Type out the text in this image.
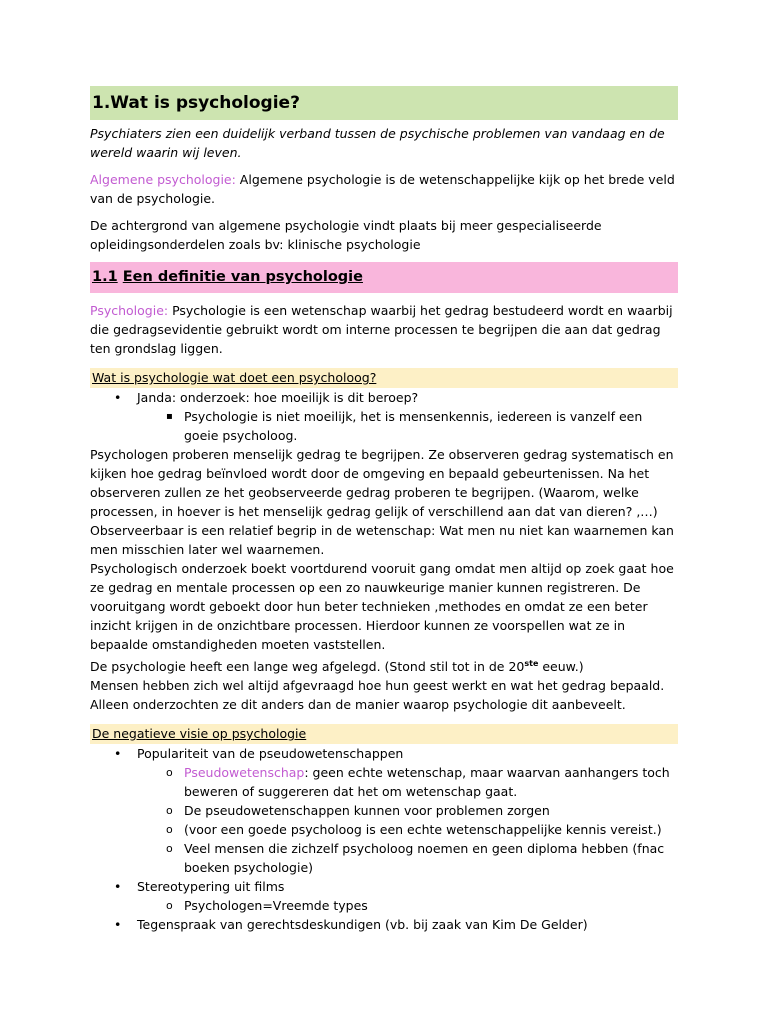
1.Wat is psychologie?

Psychiaters zien een duidelijk verband tussen de psychische problemen van vandaag en de wereld waarin wij leven.

Algemene psychologie: Algemene psychologie is de wetenschappelijke kijk op het brede veld van de psychologie.

De achtergrond van algemene psychologie vindt plaats bij meer gespecialiseerde opleidingsonderdelen zoals bv: klinische psychologie

1.1 Een definitie van psychologie

Psychologie: Psychologie is een wetenschap waarbij het gedrag bestudeerd wordt en waarbij die gedragsevidentie gebruikt wordt om interne processen te begrijpen die aan dat gedrag ten grondslag liggen.

Wat is psychologie wat doet een psycholoog?
• Janda: onderzoek: hoe moeilijk is dit beroep?
▪ Psychologie is niet moeilijk, het is mensenkennis, iedereen is vanzelf een goeie psycholoog.

Psychologen proberen menselijk gedrag te begrijpen. Ze observeren gedrag systematisch en kijken hoe gedrag beïnvloed wordt door de omgeving en bepaald gebeurtenissen. Na het observeren zullen ze het geobserveerde gedrag proberen te begrijpen. (Waarom, welke processen, in hoever is het menselijk gedrag gelijk of verschillend aan dat van dieren? ,…)

Observeerbaar is een relatief begrip in de wetenschap: Wat men nu niet kan waarnemen kan men misschien later wel waarnemen.

Psychologisch onderzoek boekt voortdurend vooruit gang omdat men altijd op zoek gaat hoe ze gedrag en mentale processen op een zo nauwkeurige manier kunnen registreren. De vooruitgang wordt geboekt door hun beter technieken ,methodes en omdat ze een beter inzicht krijgen in de onzichtbare processen. Hierdoor kunnen ze voorspellen wat ze in bepaalde omstandigheden moeten vaststellen.

De psychologie heeft een lange weg afgelegd. (Stond stil tot in de 20ste eeuw.)

Mensen hebben zich wel altijd afgevraagd hoe hun geest werkt en wat het gedrag bepaald. Alleen onderzochten ze dit anders dan de manier waarop psychologie dit aanbeveelt.

De negatieve visie op psychologie
• Populariteit van de pseudowetenschappen
o Pseudowetenschap: geen echte wetenschap, maar waarvan aanhangers toch beweren of suggereren dat het om wetenschap gaat.
o De pseudowetenschappen kunnen voor problemen zorgen
o (voor een goede psycholoog is een echte wetenschappelijke kennis vereist.)
o Veel mensen die zichzelf psycholoog noemen en geen diploma hebben (fnac boeken psychologie)
• Stereotypering uit films
o Psychologen=Vreemde types
• Tegenspraak van gerechtsdeskundigen (vb. bij zaak van Kim De Gelder)
